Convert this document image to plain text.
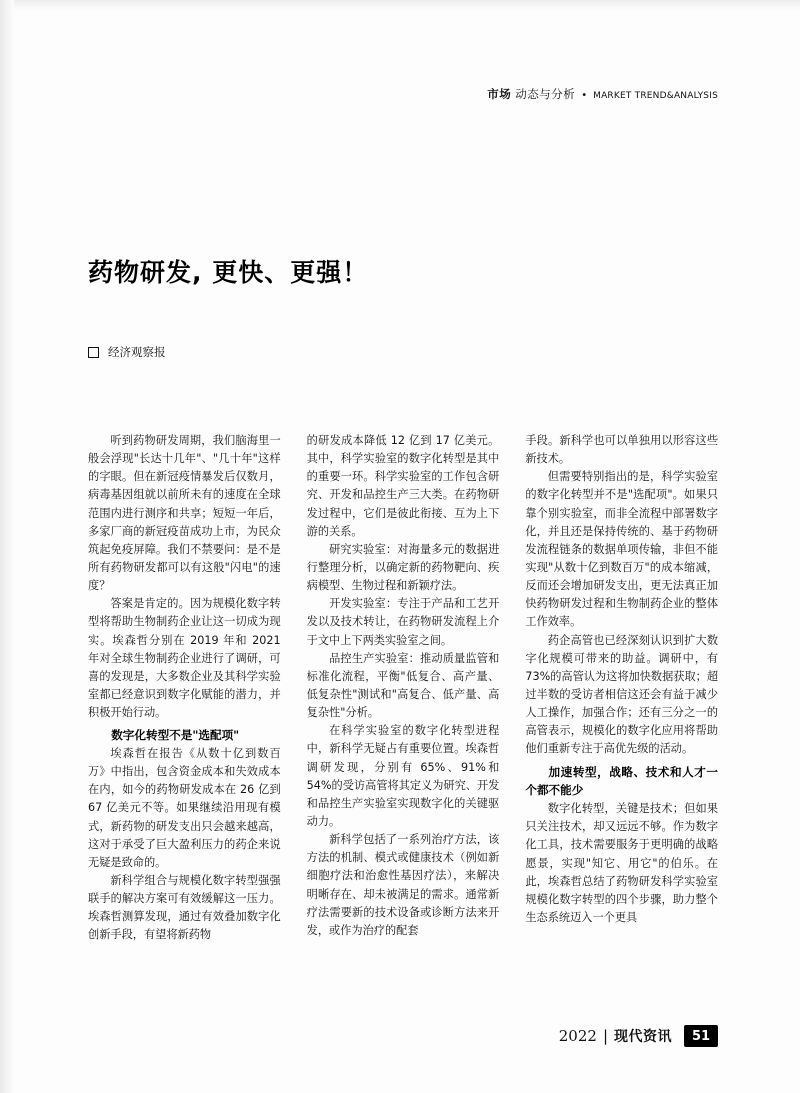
市场 动态与分析 • MARKET TREND&ANALYSIS
药物研发, 更快、更强！
经济观察报

听到药物研发周期，我们脑海里一般会浮现"长达十几年"、"几十年"这样的字眼。但在新冠疫情暴发后仅数月，病毒基因组就以前所未有的速度在全球范围内进行测序和共享；短短一年后，多家厂商的新冠疫苗成功上市，为民众筑起免疫屏障。我们不禁要问：是不是所有药物研发都可以有这般"闪电"的速度？

答案是肯定的。因为规模化数字转型将帮助生物制药企业让这一切成为现实。埃森哲分别在 2019 年和 2021 年对全球生物制药企业进行了调研，可喜的发现是，大多数企业及其科学实验室都已经意识到数字化赋能的潜力，并积极开始行动。

数字化转型不是"选配项"

埃森哲在报告《从数十亿到数百万》中指出，包含资金成本和失效成本在内，如今的药物研发成本在 26 亿到 67 亿美元不等。如果继续沿用现有模式，新药物的研发支出只会越来越高，这对于承受了巨大盈利压力的药企来说无疑是致命的。

新科学组合与规模化数字转型强强联手的解决方案可有效缓解这一压力。埃森哲测算发现，通过有效叠加数字化创新手段，有望将新药物

的研发成本降低 12 亿到 17 亿美元。其中，科学实验室的数字化转型是其中的重要一环。科学实验室的工作包含研究、开发和品控生产三大类。在药物研发过程中，它们是彼此衔接、互为上下游的关系。

研究实验室：对海量多元的数据进行整理分析，以确定新的药物靶向、疾病模型、生物过程和新颖疗法。

开发实验室：专注于产品和工艺开发以及技术转让，在药物研发流程上介于文中上下两类实验室之间。

品控生产实验室：推动质量监管和标准化流程，平衡"低复合、高产量、低复杂性"测试和"高复合、低产量、高复杂性"分析。

在科学实验室的数字化转型进程中，新科学无疑占有重要位置。埃森哲调研发现，分别有 65%、91%和 54%的受访高管将其定义为研究、开发和品控生产实验室实现数字化的关键驱动力。

新科学包括了一系列治疗方法，该方法的机制、模式或健康技术（例如新细胞疗法和治愈性基因疗法），来解决明晰存在、却未被满足的需求。通常新疗法需要新的技术设备或诊断方法来开发，或作为治疗的配套

手段。新科学也可以单独用以形容这些新技术。

但需要特别指出的是，科学实验室的数字化转型并不是"选配项"。如果只靠个别实验室，而非全流程中部署数字化，并且还是保持传统的、基于药物研发流程链条的数据单项传输，非但不能实现"从数十亿到数百万"的成本缩减，反而还会增加研发支出，更无法真正加快药物研发过程和生物制药企业的整体工作效率。

药企高管也已经深刻认识到扩大数字化规模可带来的助益。调研中，有 73%的高管认为这将加快数据获取；超过半数的受访者相信这还会有益于减少人工操作，加强合作；还有三分之一的高管表示，规模化的数字化应用将帮助他们重新专注于高优先级的活动。

加速转型，战略、技术和人才一个都不能少

数字化转型，关键是技术；但如果只关注技术，却又远远不够。作为数字化工具，技术需要服务于更明确的战略愿景，实现"知它、用它"的伯乐。在此，埃森哲总结了药物研发科学实验室规模化数字转型的四个步骤，助力整个生态系统迈入一个更具

2022 | 现代资讯	51
